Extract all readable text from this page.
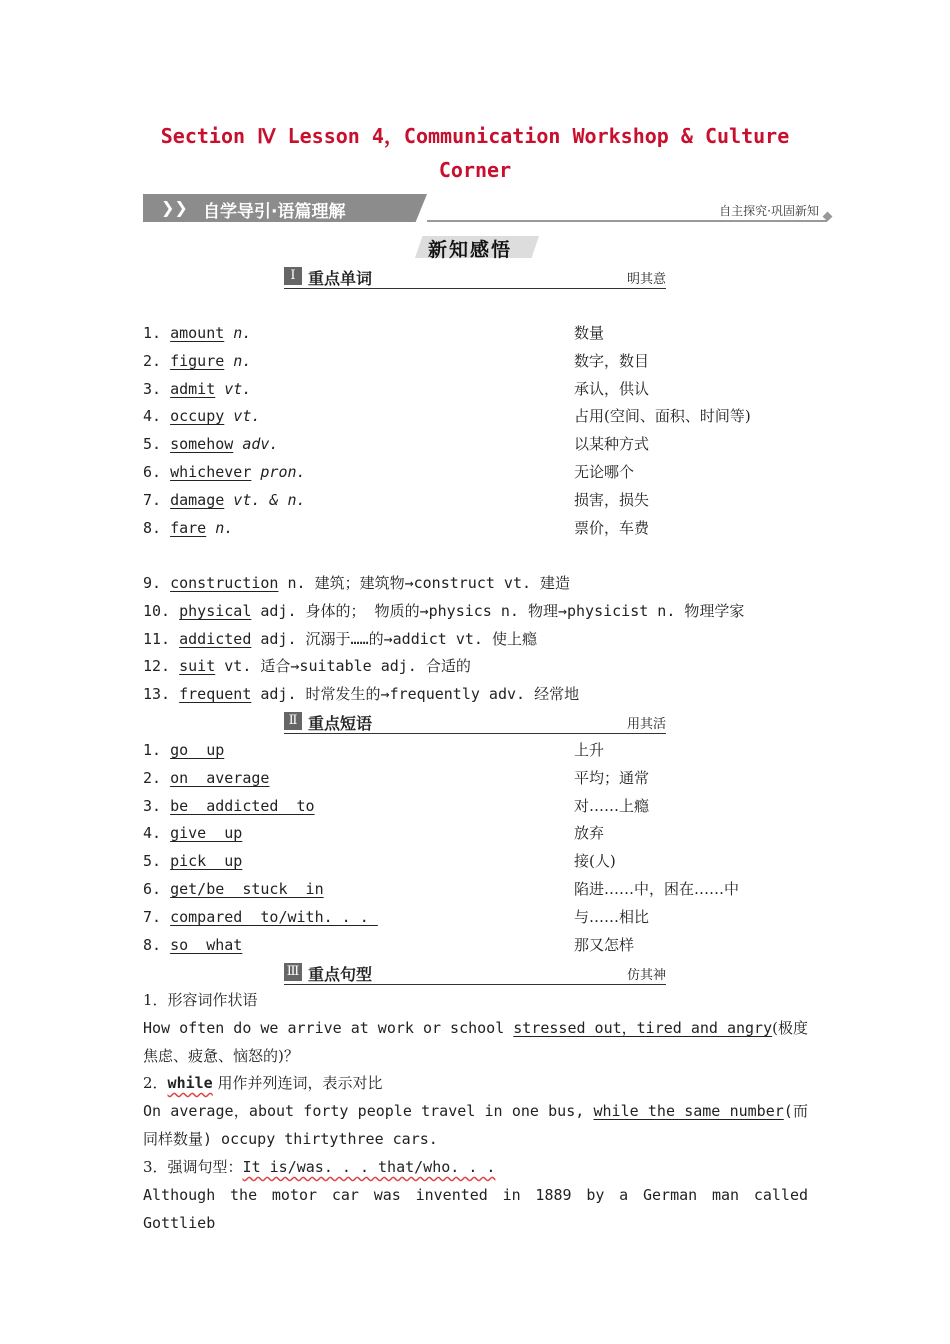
Section Ⅳ Lesson 4，Communication Workshop & Culture
Corner
❯❯ 自学导引·语篇理解	自主探究·巩固新知
新知感悟
Ⅰ 重点单词	明其意
1. amount n.	数量
2. figure n.	数字，数目
3. admit vt.	承认，供认
4. occupy vt.	占用(空间、面积、时间等)
5. somehow adv.	以某种方式
6. whichever pron.	无论哪个
7. damage vt. & n.	损害，损失
8. fare n.	票价，车费
9. construction n. 建筑；建筑物→construct vt. 建造
10. physical adj. 身体的； 物质的→physics n. 物理→physicist n. 物理学家
11. addicted adj. 沉溺于……的→addict vt. 使上瘾
12. suit vt. 适合→suitable adj. 合适的
13. frequent adj. 时常发生的→frequently adv. 经常地
Ⅱ 重点短语	用其活
1. go  up	上升
2. on  average	平均；通常
3. be  addicted  to	对……上瘾
4. give  up	放弃
5. pick  up	接(人)
6. get/be  stuck  in	陷进……中，困在……中
7. compared  to/with. . .	与……相比
8. so  what	那又怎样
Ⅲ 重点句型	仿其神
1．形容词作状语
How often do we arrive at work or school stressed out，tired and angry(极度焦虑、疲惫、恼怒的)？
2．while 用作并列连词，表示对比
On average，about forty people travel in one bus, while the same number(而同样数量) occupy thirtythree cars.
3．强调句型：It is/was. . . that/who. . .
Although the motor car was invented in 1889 by a German man called Gottlieb
